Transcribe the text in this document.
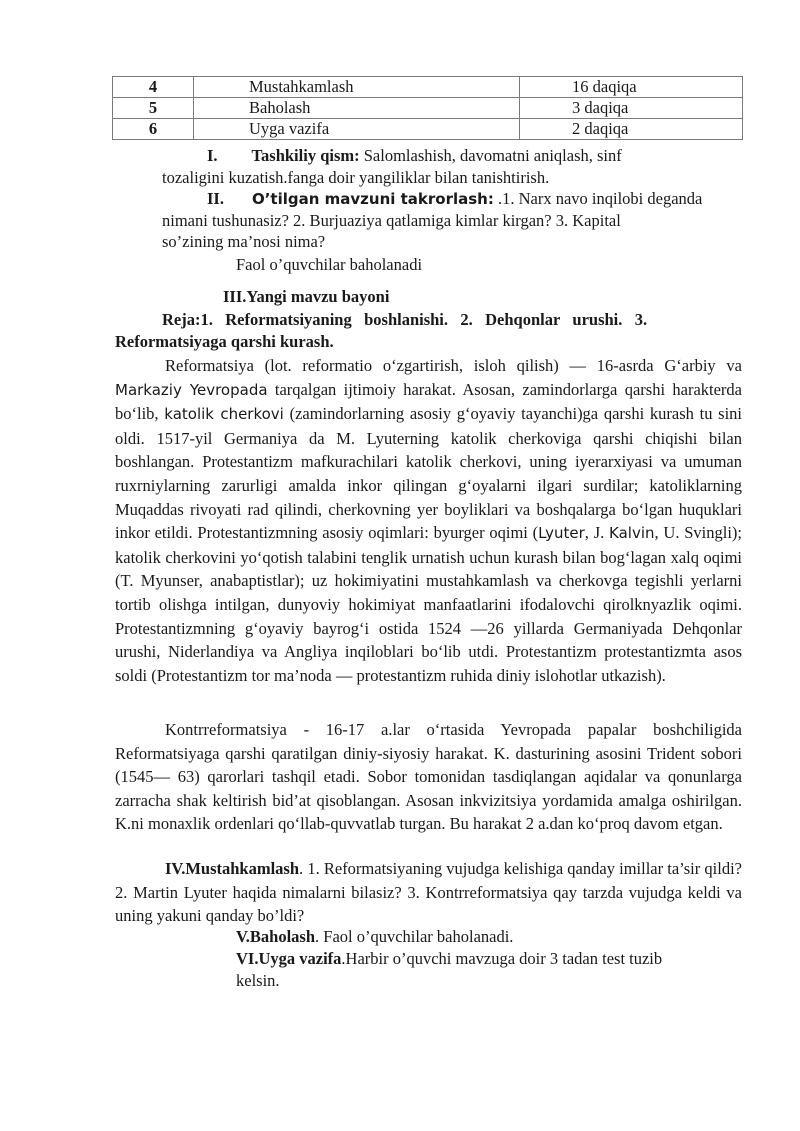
4	Mustahkamlash	16 daqiqa
5	Baholash	3 daqiqa
6	Uyga vazifa	2 daqiqa
I. Tashkiliy qism: Salomlashish, davomatni aniqlash, sinf
tozaligini kuzatish.fanga doir yangiliklar bilan tanishtirish.
II. O’tilgan mavzuni takrorlash: .1. Narx navo inqilobi deganda
nimani tushunasiz? 2. Burjuaziya qatlamiga kimlar kirgan? 3. Kapital
so’zining ma’nosi nima?
Faol o’quvchilar baholanadi
III.Yangi mavzu bayoni
Reja:1.   Reformatsiyaning   boshlanishi.   2.   Dehqonlar   urushi.   3.
Reformatsiyaga qarshi kurash.

Reformatsiya (lot. reformatio o‘zgartirish, isloh qilish) — 16-asrda G‘arbiy va Markaziy Yevropada tarqalgan ijtimoiy harakat. Asosan, zamindorlarga qarshi harakterda bo‘lib, katolik cherkovi (zamindorlarning asosiy g‘oyaviy tayanchi)ga qarshi kurash tu sini oldi. 1517-yil Germaniya da M. Lyuterning katolik cherkoviga qarshi chiqishi bilan boshlangan. Protestantizm mafkurachilari katolik cherkovi, uning iyerarxiyasi va umuman ruxrniylarning zarurligi amalda inkor qilingan g‘oyalarni ilgari surdilar; katoliklarning Muqaddas rivoyati rad qilindi, cherkovning yer boyliklari va boshqalarga bo‘lgan huquklari inkor etildi. Protestantizmning asosiy oqimlari: byurger oqimi (Lyuter, J. Kalvin, U. Svingli); katolik cherkovini yo‘qotish talabini tenglik urnatish uchun kurash bilan bog‘lagan xalq oqimi (T. Myunser, anabaptistlar); uz hokimiyatini mustahkamlash va cherkovga tegishli yerlarni tortib olishga intilgan, dunyoviy hokimiyat manfaatlarini ifodalovchi qirolknyazlik oqimi. Protestantizmning g‘oyaviy bayrog‘i ostida 1524 —26 yillarda Germaniyada Dehqonlar urushi, Niderlandiya va Angliya inqiloblari bo‘lib utdi. Protestantizm protestantizmta asos soldi (Protestantizm tor ma’noda — protestantizm ruhida diniy islohotlar utkazish).

Kontrreformatsiya - 16-17 a.lar o‘rtasida Yevropada papalar boshchiligida Reformatsiyaga qarshi qaratilgan diniy-siyosiy harakat. K. dasturining asosini Trident sobori (1545— 63) qarorlari tashqil etadi. Sobor tomonidan tasdiqlangan aqidalar va qonunlarga zarracha shak keltirish bid’at qisoblangan. Asosan inkvizitsiya yordamida amalga oshirilgan. K.ni monaxlik ordenlari qo‘llab-quvvatlab turgan. Bu harakat 2 a.dan ko‘proq davom etgan.

IV.Mustahkamlash. 1. Reformatsiyaning vujudga kelishiga qanday imillar ta’sir qildi? 2. Martin Lyuter haqida nimalarni bilasiz? 3. Kontrreformatsiya qay tarzda vujudga keldi va uning yakuni qanday bo’ldi?

V.Baholash. Faol o’quvchilar baholanadi.
VI.Uyga vazifa.Harbir o’quvchi mavzuga doir 3 tadan test tuzib
kelsin.
